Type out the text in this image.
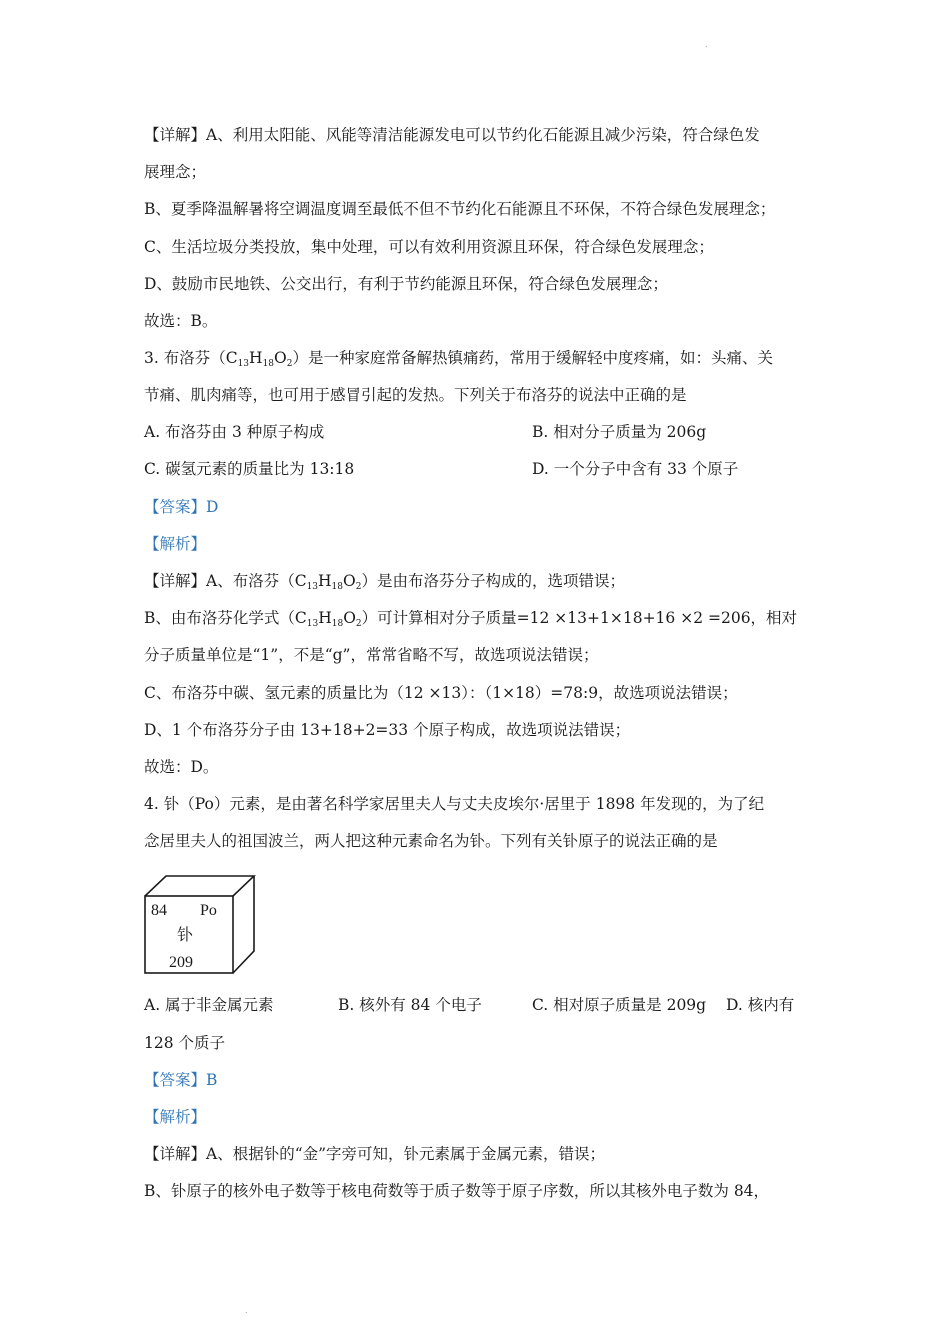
.
【详解】A、利用太阳能、风能等清洁能源发电可以节约化石能源且减少污染，符合绿色发
展理念；
B、夏季降温解暑将空调温度调至最低不但不节约化石能源且不环保，不符合绿色发展理念；
C、生活垃圾分类投放，集中处理，可以有效利用资源且环保，符合绿色发展理念；
D、鼓励市民地铁、公交出行，有利于节约能源且环保，符合绿色发展理念；
故选：B。
3. 布洛芬$(C_{13}H_{18}O_2)$是一种家庭常备解热镇痛药，常用于缓解轻中度疼痛，如：头痛、关
节痛、肌肉痛等，也可用于感冒引起的发热。下列关于布洛芬的说法中正确的是
A. 布洛芬由 3 种原子构成	B. 相对分子质量为 206g
C. 碳氢元素的质量比为 13:18	D. 一个分子中含有 33 个原子
【答案】D
【解析】
【详解】A、布洛芬$(C_{13}H_{18}O_2)$是由布洛芬分子构成的，选项错误；
B、由布洛芬化学式$(C_{13}H_{18}O_2)$可计算相对分子质量=12 ×13+1×18+16 ×2 =206，相对
分子质量单位是“1”，不是“g”，常常省略不写，故选项说法错误；
C、布洛芬中碳、氢元素的质量比为（12 ×13）：（1×18）=78:9，故选项说法错误；
D、1 个布洛芬分子由 13+18+2=33 个原子构成，故选项说法错误；
故选：D。
4. 钋（Po）元素，是由著名科学家居里夫人与丈夫皮埃尔·居里于 1898 年发现的，为了纪
念居里夫人的祖国波兰，两人把这种元素命名为钋。下列有关钋原子的说法正确的是
84 Po
钋
209
A. 属于非金属元素	B. 核外有 84 个电子	C. 相对原子质量是 209g D. 核内有
128 个质子
【答案】B
【解析】
【详解】A、根据钋的“金”字旁可知，钋元素属于金属元素，错误；
B、钋原子的核外电子数等于核电荷数等于质子数等于原子序数，所以其核外电子数为 84，
.
